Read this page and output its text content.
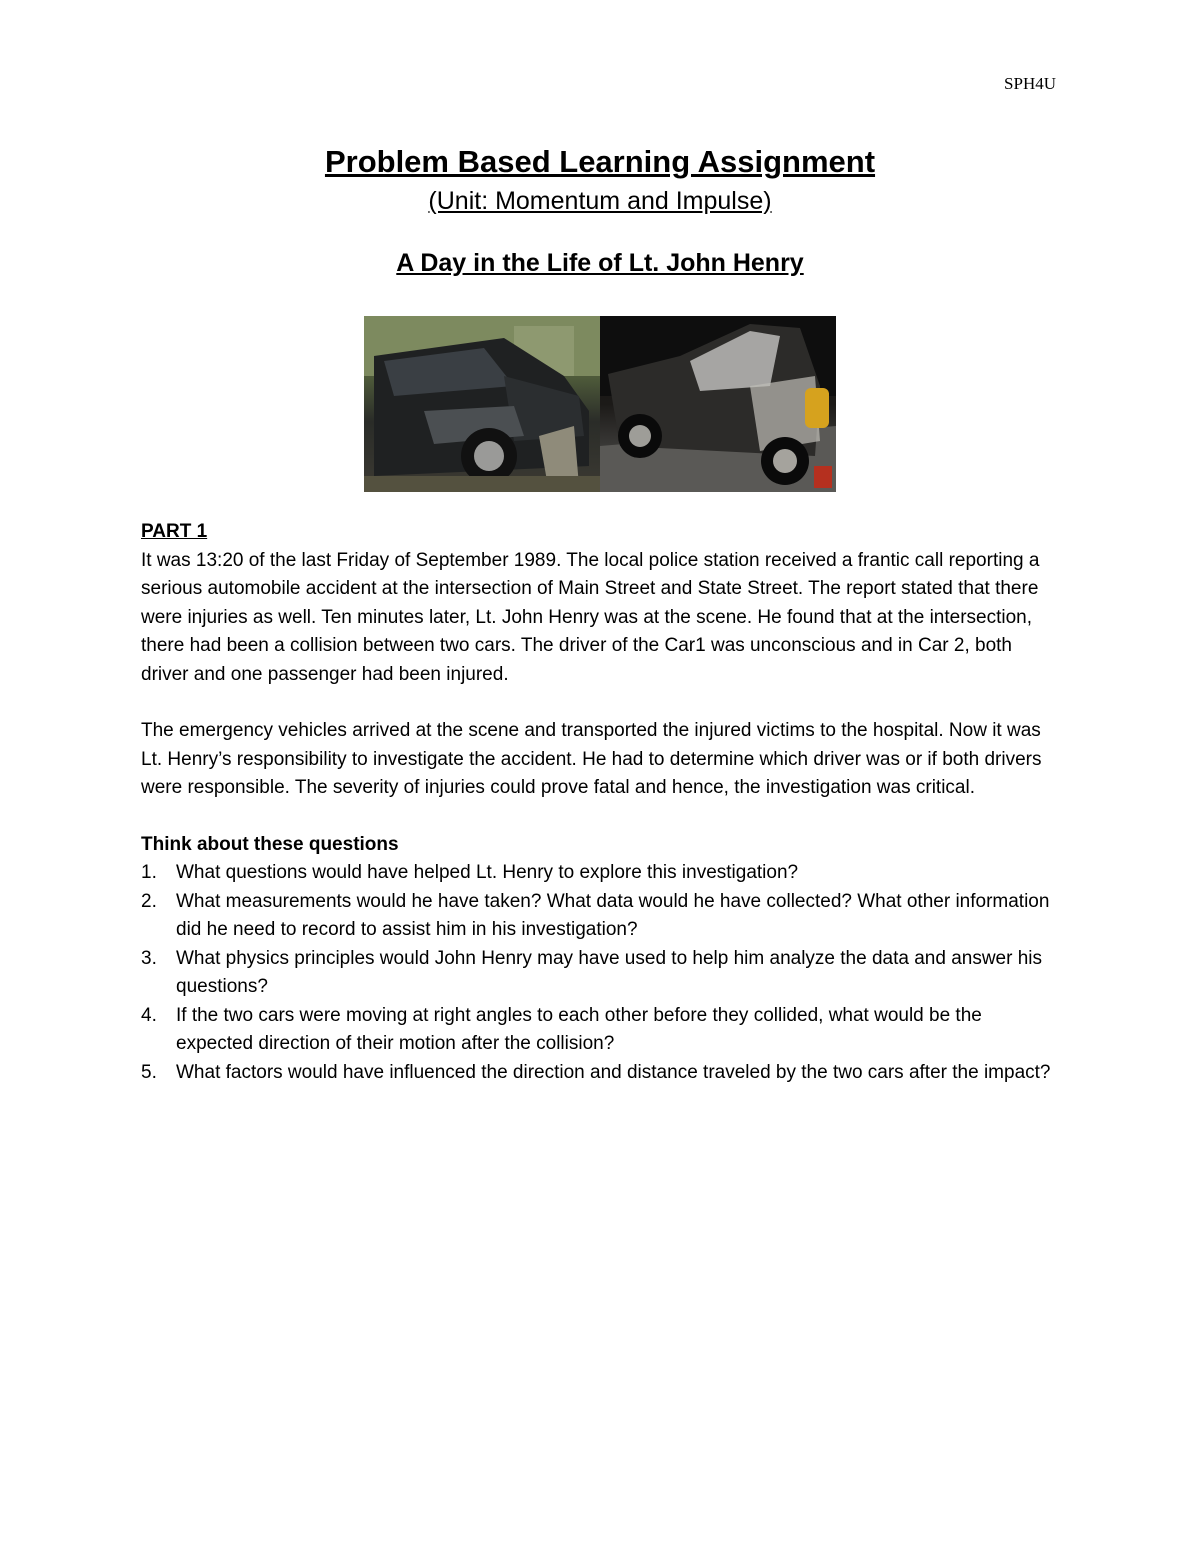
SPH4U

Problem Based Learning Assignment

(Unit: Momentum and Impulse)

A Day in the Life of Lt. John Henry

PART 1

It was 13:20 of the last Friday of September 1989. The local police station received a frantic call reporting a serious automobile accident at the intersection of Main Street and State Street. The report stated that there were injuries as well. Ten minutes later, Lt. John Henry was at the scene. He found that at the intersection, there had been a collision between two cars. The driver of the Car1 was unconscious and in Car 2, both driver and one passenger had been injured.

The emergency vehicles arrived at the scene and transported the injured victims to the hospital. Now it was Lt. Henry’s responsibility to investigate the accident. He had to determine which driver was or if both drivers were responsible. The severity of injuries could prove fatal and hence, the investigation was critical.

Think about these questions

1. What questions would have helped Lt. Henry to explore this investigation?
2. What measurements would he have taken? What data would he have collected? What other information did he need to record to assist him in his investigation?
3. What physics principles would John Henry may have used to help him analyze the data and answer his questions?
4. If the two cars were moving at right angles to each other before they collided, what would be the expected direction of their motion after the collision?
5. What factors would have influenced the direction and distance traveled by the two cars after the impact?
